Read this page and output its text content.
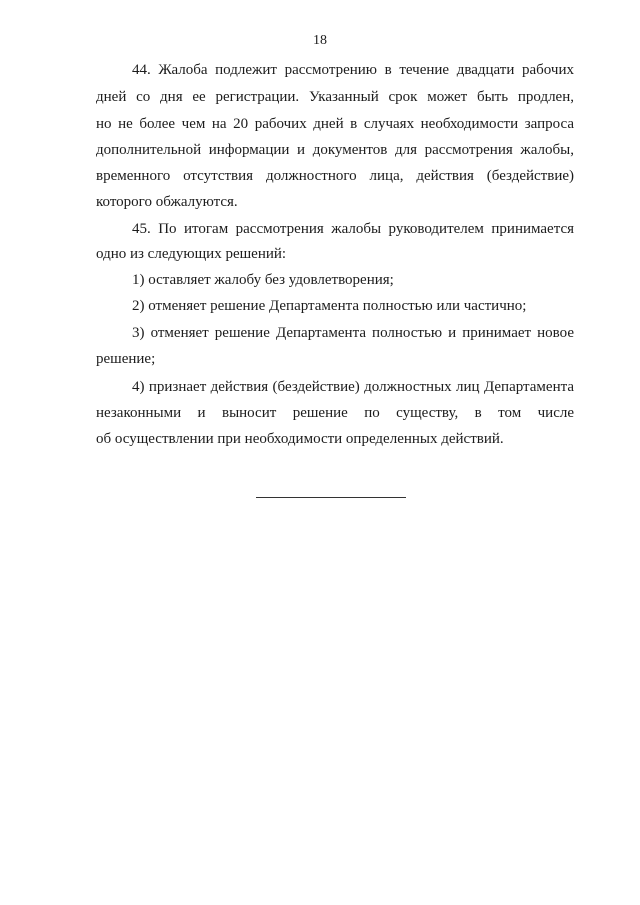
18
44. Жалоба подлежит рассмотрению в течение двадцати рабочих
дней со дня ее регистрации. Указанный срок может быть продлен,
но не более чем на 20 рабочих дней в случаях необходимости запроса
дополнительной информации и документов для рассмотрения жалобы,
временного отсутствия должностного лица, действия (бездействие)
которого обжалуются.
45. По итогам рассмотрения жалобы руководителем принимается
одно из следующих решений:
1) оставляет жалобу без удовлетворения;
2) отменяет решение Департамента полностью или частично;
3) отменяет решение Департамента полностью и принимает новое
решение;
4) признает действия (бездействие) должностных лиц Департамента
незаконными и выносит решение по существу, в том числе
об осуществлении при необходимости определенных действий.
